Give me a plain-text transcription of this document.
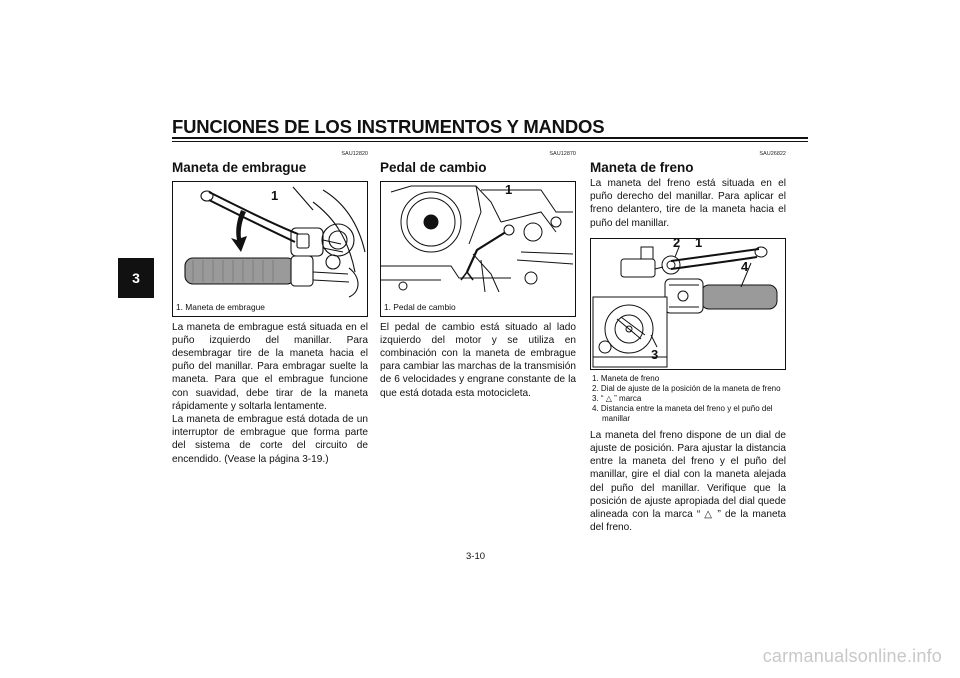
FUNCIONES DE LOS INSTRUMENTOS Y MANDOS
3
SAU12820
Maneta de embrague
1
1. Maneta de embrague

La maneta de embrague está situada en el puño izquierdo del manillar. Para desembragar tire de la maneta hacia el puño del manillar. Para embragar suelte la maneta. Para que el embrague funcione con suavidad, debe tirar de la maneta rápidamente y soltarla lentamente.

La maneta de embrague está dotada de un interruptor de embrague que forma parte del sistema de corte del circuito de encendido. (Vease la página 3-19.)

SAU12870
Pedal de cambio
1
1. Pedal de cambio

El pedal de cambio está situado al lado izquierdo del motor y se utiliza en combinación con la maneta de embrague para cambiar las marchas de la transmisión de 6 velocidades y engrane constante de la que está dotada esta motocicleta.

SAU26822
Maneta de freno

La maneta del freno está situada en el puño derecho del manillar. Para aplicar el freno delantero, tire de la maneta hacia el puño del manillar.

2 1
4
3
1. Maneta de freno
2. Dial de ajuste de la posición de la maneta de freno
3. “ △ ” marca
4. Distancia entre la maneta del freno y el puño del manillar

La maneta del freno dispone de un dial de ajuste de posición. Para ajustar la distancia entre la maneta del freno y el puño del manillar, gire el dial con la maneta alejada del puño del manillar. Verifique que la posición de ajuste apropiada del dial quede alineada con la marca “ △ ” de la maneta del freno.

3-10
carmanualsonline.info
